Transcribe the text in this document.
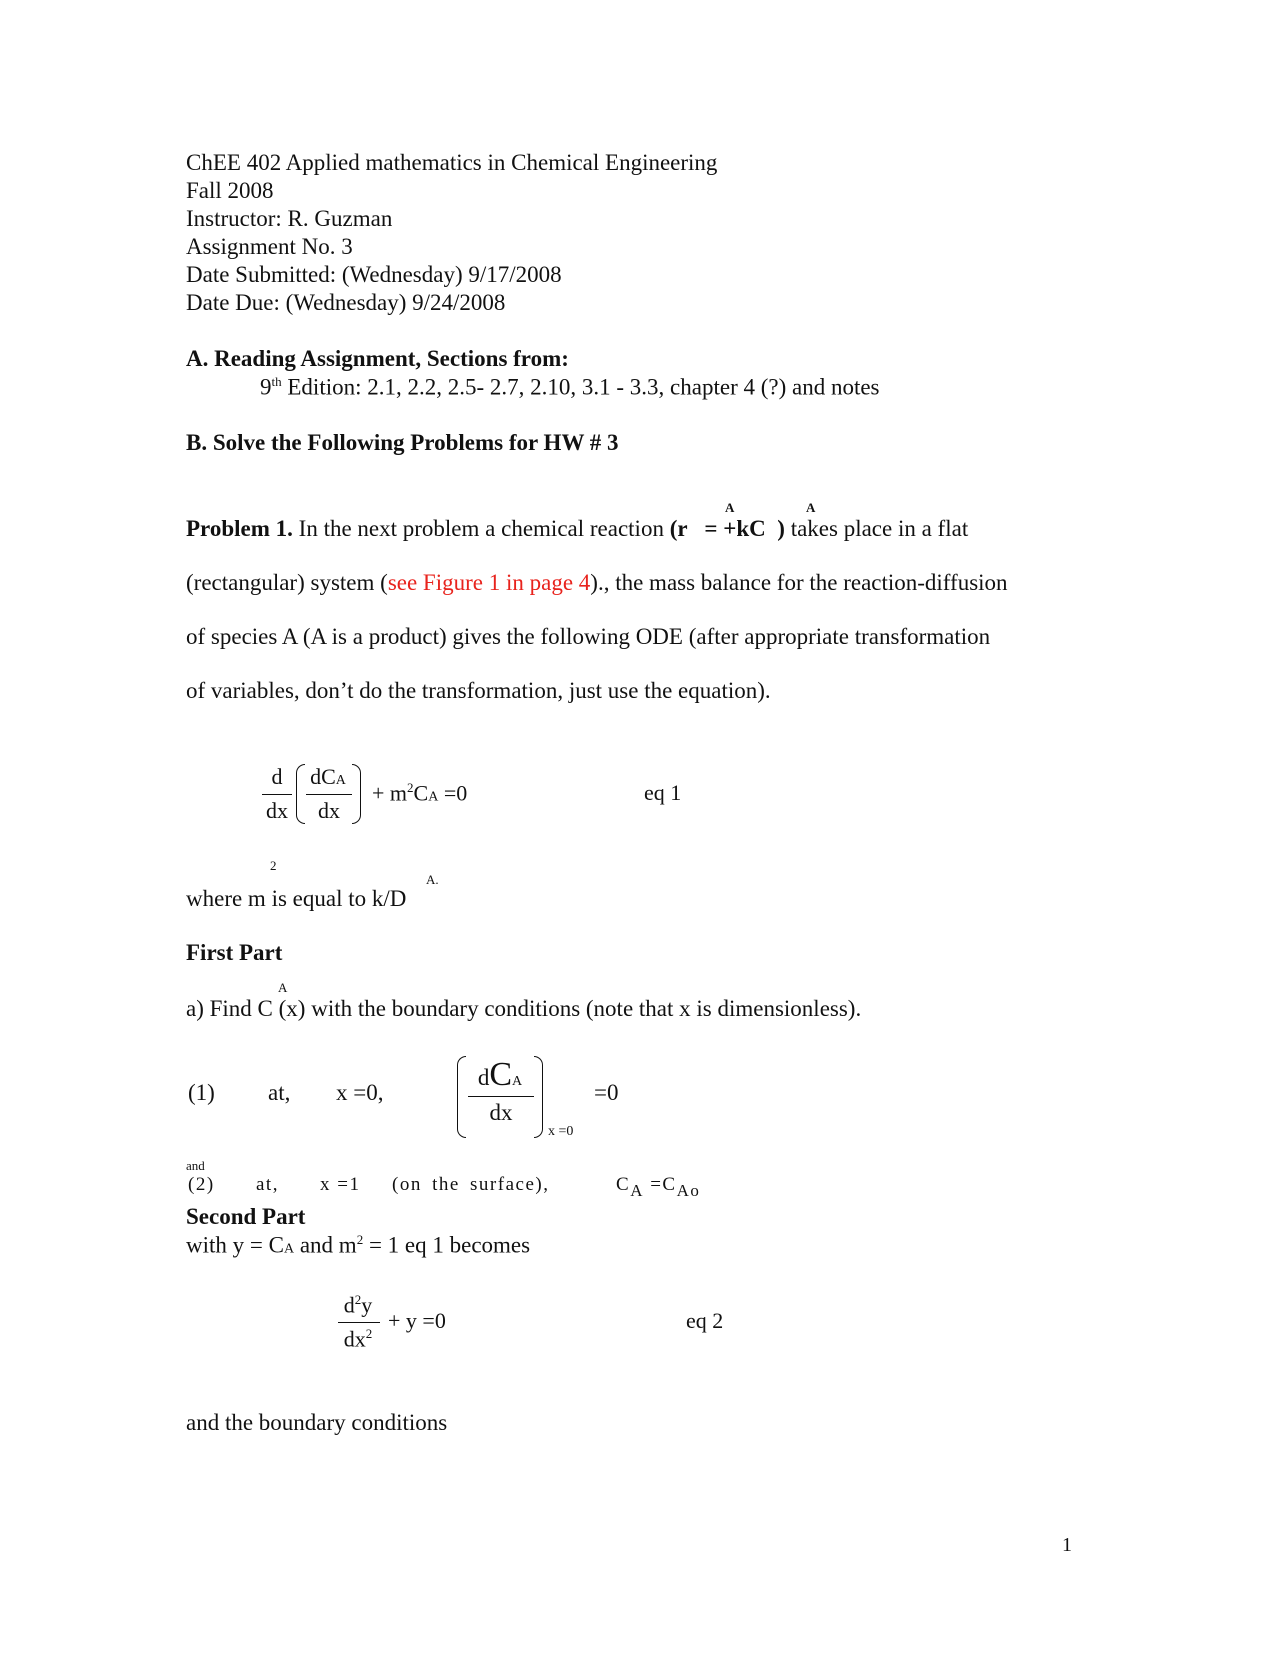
ChEE 402 Applied mathematics in Chemical Engineering
Fall 2008
Instructor: R. Guzman
Assignment No. 3
Date Submitted: (Wednesday) 9/17/2008
Date Due: (Wednesday) 9/24/2008
A. Reading Assignment, Sections from:
9th Edition: 2.1, 2.2, 2.5- 2.7, 2.10, 3.1 - 3.3, chapter 4 (?) and notes
B. Solve the Following Problems for HW # 3
A	A
Problem 1. In the next problem a chemical reaction (r   = +kC  ) takes place in a flat
(rectangular) system (see Figure 1 in page 4)., the mass balance for the reaction-diffusion
of species A (A is a product) gives the following ODE (after appropriate transformation
of variables, don’t do the transformation, just use the equation).
d
dx
dCA
dx
+ $m^2CA =0$	eq 1
2
A.
where m is equal to k/D
First Part
A
a) Find C (x) with the boundary conditions (note that x is dimensionless).
(1) at, x =0,
dCA
dx
x =0
=0
and
(2) at, x =1 (on the surface),	CA =CAo
Second Part
with y = CA and $m^2 = 1$ eq 1 becomes
$d^2y$
$dx^2$
+ y =0	eq 2
and the boundary conditions
1
